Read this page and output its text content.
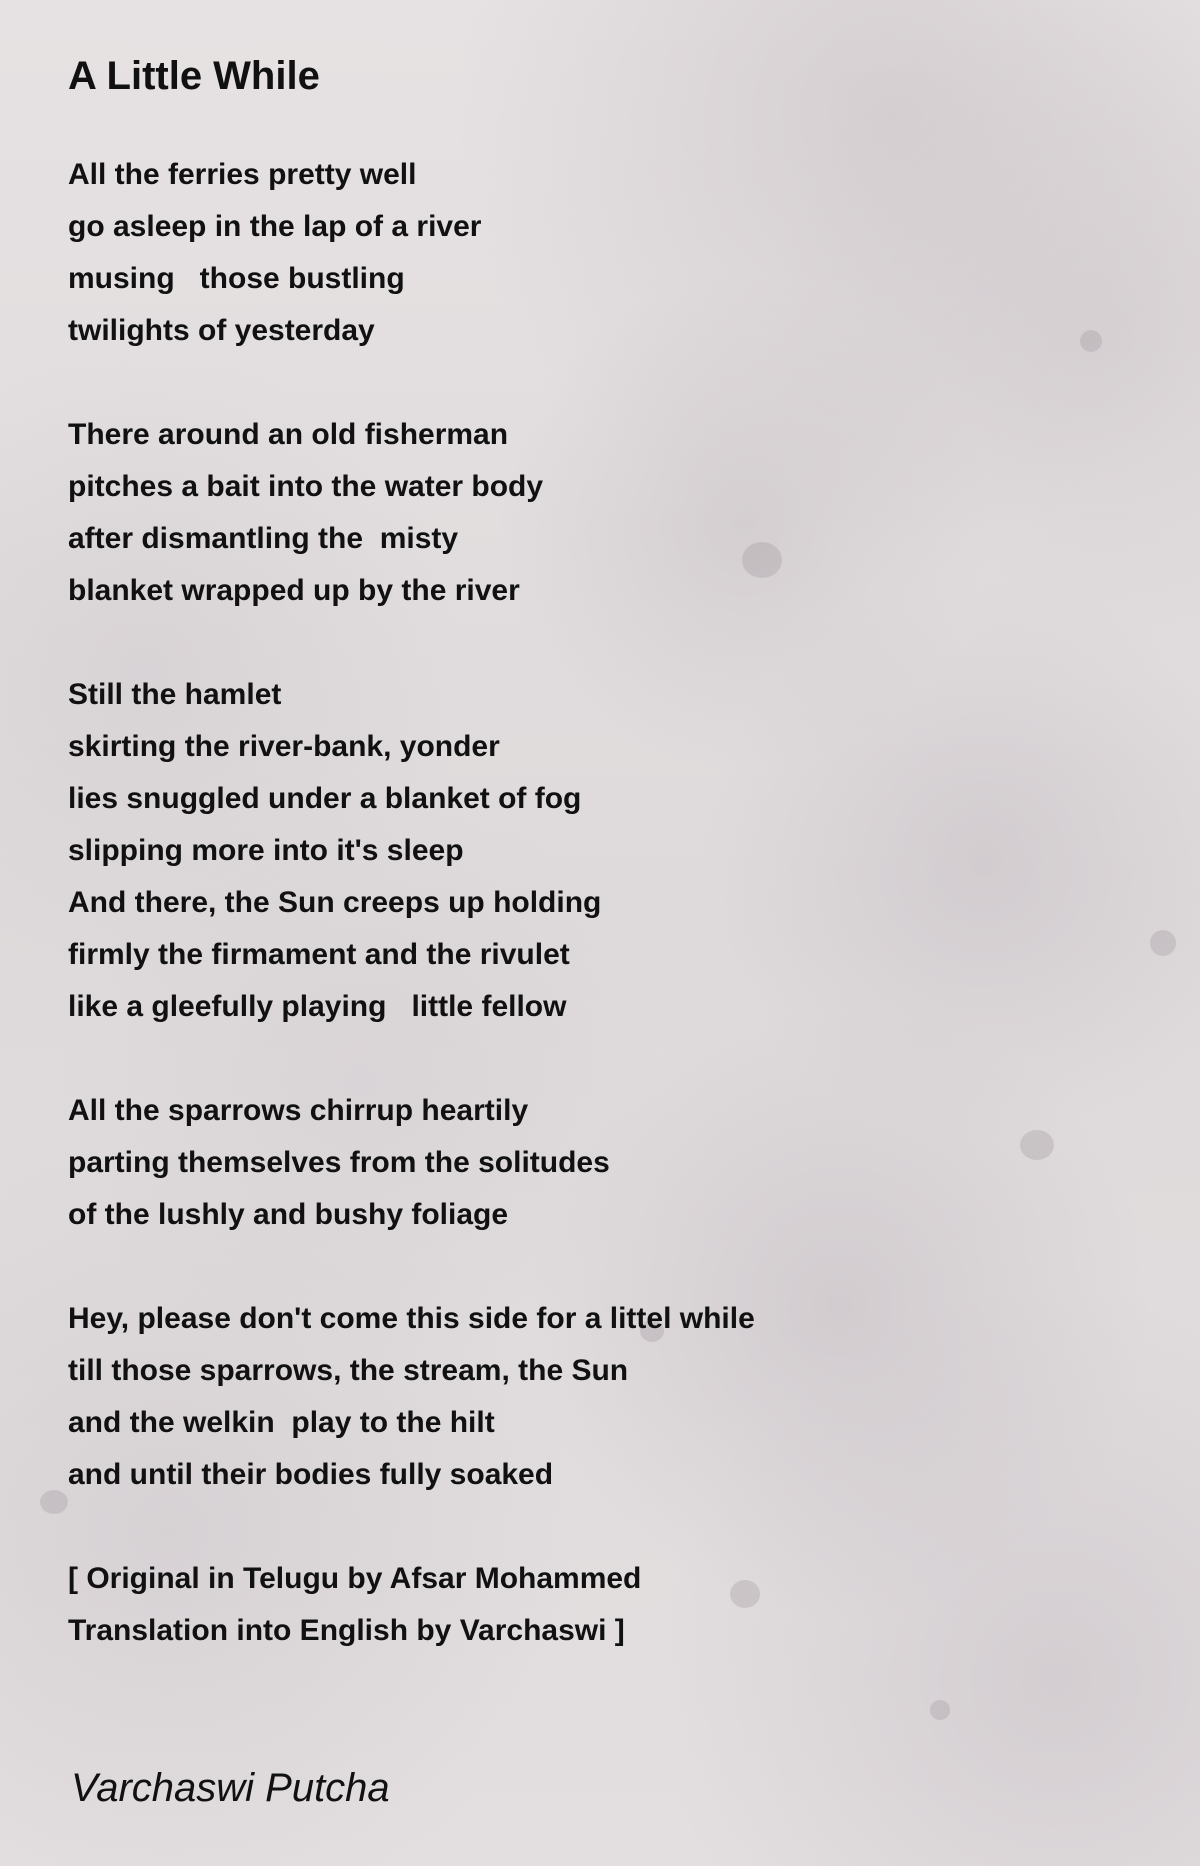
A Little While
All the ferries pretty well
go asleep in the lap of a river
musing   those bustling
twilights of yesterday
There around an old fisherman
pitches a bait into the water body
after dismantling the  misty
blanket wrapped up by the river
Still the hamlet
skirting the river-bank, yonder
lies snuggled under a blanket of fog
slipping more into it's sleep
And there, the Sun creeps up holding
firmly the firmament and the rivulet
like a gleefully playing   little fellow
All the sparrows chirrup heartily
parting themselves from the solitudes
of the lushly and bushy foliage
Hey, please don't come this side for a littel while
till those sparrows, the stream, the Sun
and the welkin  play to the hilt
and until their bodies fully soaked
[ Original in Telugu by Afsar Mohammed
Translation into English by Varchaswi ]
Varchaswi Putcha
